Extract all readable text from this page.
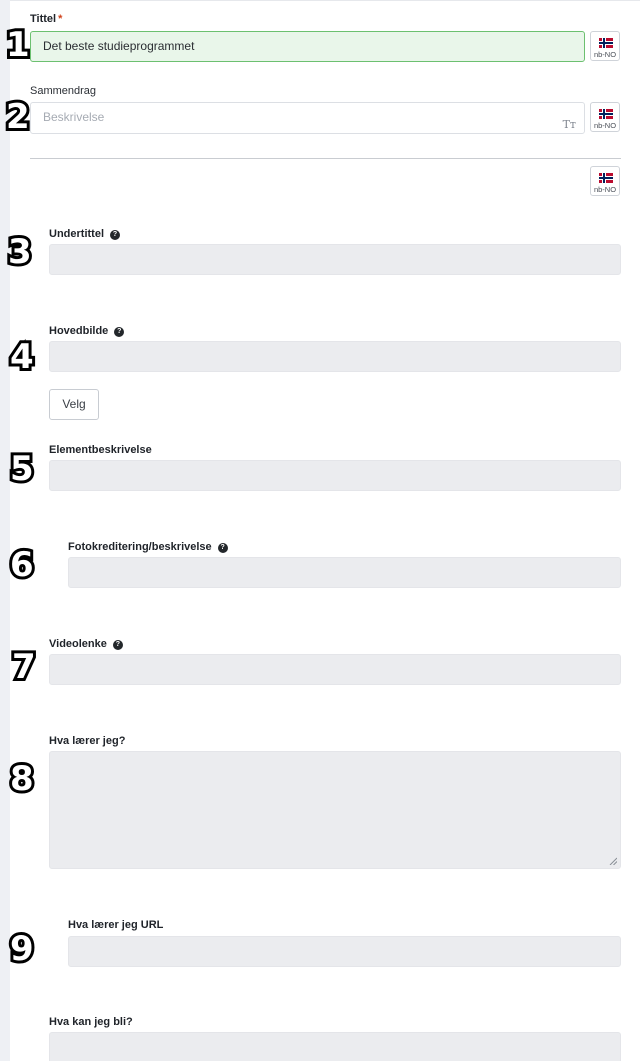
1
2
3
4
5
6
7
8
9
Tittel *
Det beste studieprogrammet
nb-NO
Sammendrag
Beskrivelse
Tт	nb-NO
nb-NO
Undertittel ?
Hovedbilde ?
Velg
Elementbeskrivelse
Fotokreditering/beskrivelse ?
Videolenke ?
Hva lærer jeg?
Hva lærer jeg URL
Hva kan jeg bli?
